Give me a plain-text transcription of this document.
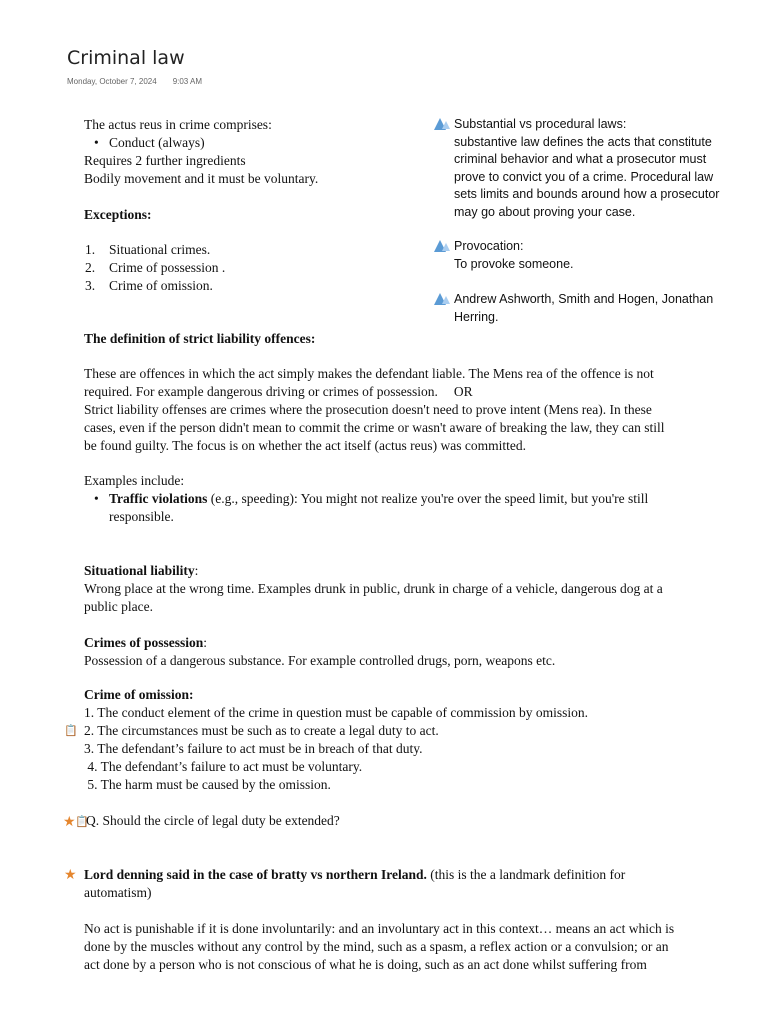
Criminal law
Monday, October 7, 2024 9:03 AM
The actus reus in crime comprises:
• Conduct (always)
Requires 2 further ingredients
Bodily movement and it must be voluntary.
Exceptions:
1. Situational crimes.
2. Crime of possession .
3. Crime of omission.
Substantial vs procedural laws:
substantive law defines the acts that constitute
criminal behavior and what a prosecutor must
prove to convict you of a crime. Procedural law
sets limits and bounds around how a prosecutor
may go about proving your case.
Provocation:
To provoke someone.
Andrew Ashworth, Smith and Hogen, Jonathan
Herring.
The definition of strict liability offences:
These are offences in which the act simply makes the defendant liable. The Mens rea of the offence is not
required. For example dangerous driving or crimes of possession. OR
Strict liability offenses are crimes where the prosecution doesn't need to prove intent (Mens rea). In these
cases, even if the person didn't mean to commit the crime or wasn't aware of breaking the law, they can still
be found guilty. The focus is on whether the act itself (actus reus) was committed.
Examples include:
• Traffic violations (e.g., speeding): You might not realize you're over the speed limit, but you're still
responsible.
Situational liability:
Wrong place at the wrong time. Examples drunk in public, drunk in charge of a vehicle, dangerous dog at a
public place.
Crimes of possession:
Possession of a dangerous substance. For example controlled drugs, porn, weapons etc.
Crime of omission:
1. The conduct element of the crime in question must be capable of commission by omission.
2. The circumstances must be such as to create a legal duty to act.
3. The defendant’s failure to act must be in breach of that duty.
4. The defendant’s failure to act must be voluntary.
5. The harm must be caused by the omission.
📋
★ 📋
Q. Should the circle of legal duty be extended?
★ Lord denning said in the case of bratty vs northern Ireland. (this is the a landmark definition for
automatism)
No act is punishable if it is done involuntarily: and an involuntary act in this context… means an act which is
done by the muscles without any control by the mind, such as a spasm, a reflex action or a convulsion; or an
act done by a person who is not conscious of what he is doing, such as an act done whilst suffering from
